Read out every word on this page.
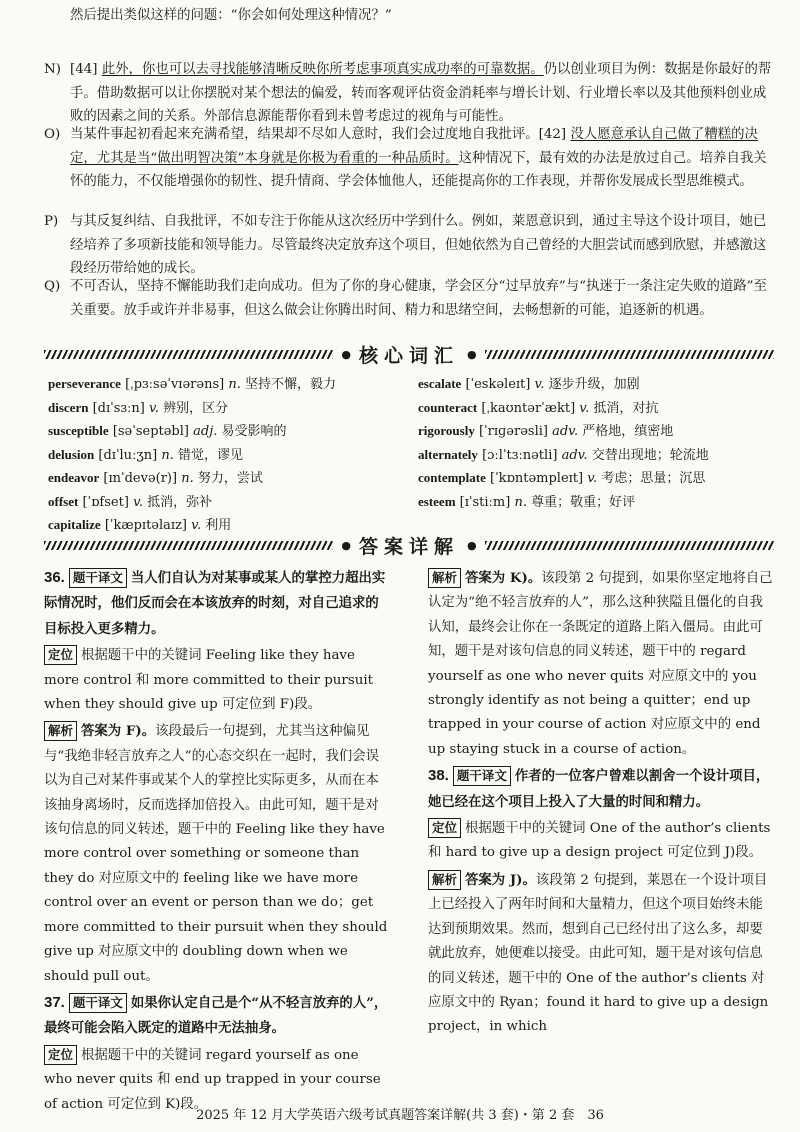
然后提出类似这样的问题：“你会如何处理这种情况？”
N) [44] 此外，你也可以去寻找能够清晰反映你所考虑事项真实成功率的可靠数据。仍以创业项目为例：数据是你最好的帮手。借助数据可以让你摆脱对某个想法的偏爱，转而客观评估资金消耗率与增长计划、行业增长率以及其他预料创业成败的因素之间的关系。外部信息源能帮你看到未曾考虑过的视角与可能性。
O) 当某件事起初看起来充满希望，结果却不尽如人意时，我们会过度地自我批评。[42] 没人愿意承认自己做了糟糕的决定，尤其是当“做出明智决策”本身就是你极为看重的一种品质时。这种情况下，最有效的办法是放过自己。培养自我关怀的能力，不仅能增强你的韧性、提升情商、学会体恤他人，还能提高你的工作表现，并帮你发展成长型思维模式。
P) 与其反复纠结、自我批评，不如专注于你能从这次经历中学到什么。例如，莱恩意识到，通过主导这个设计项目，她已经培养了多项新技能和领导能力。尽管最终决定放弃这个项目，但她依然为自己曾经的大胆尝试而感到欣慰，并感激这段经历带给她的成长。
Q) 不可否认，坚持不懈能助我们走向成功。但为了你的身心健康，学会区分“过早放弃”与“执迷于一条注定失败的道路”至关重要。放手或许并非易事，但这么做会让你腾出时间、精力和思绪空间，去畅想新的可能，追逐新的机遇。
● 核心词汇 ●
perseverance [ˌpɜːsəˈvɪərəns] n. 坚持不懈，毅力
discern [dɪˈsɜːn] v. 辨别，区分
susceptible [səˈseptəbl] adj. 易受影响的
delusion [dɪˈluːʒn] n. 错觉，谬见
endeavor [ɪnˈdevə(r)] n. 努力，尝试
offset [ˈɒfset] v. 抵消，弥补
capitalize [ˈkæpɪtəlaɪz] v. 利用
escalate [ˈeskəleɪt] v. 逐步升级，加剧
counteract [ˌkaʊntərˈækt] v. 抵消，对抗
rigorously [ˈrɪɡərəsli] adv. 严格地，缜密地
alternately [ɔːlˈtɜːnətli] adv. 交替出现地；轮流地
contemplate [ˈkɒntəmpleɪt] v. 考虑；思量；沉思
esteem [ɪˈstiːm] n. 尊重；敬重；好评
● 答案详解 ●
36. 题干译文 当人们自认为对某事或某人的掌控力超出实际情况时，他们反而会在本该放弃的时刻，对自己追求的目标投入更多精力。
定位 根据题干中的关键词 Feeling like they have more control 和 more committed to their pursuit when they should give up 可定位到 F)段。
解析 答案为 F)。该段最后一句提到，尤其当这种偏见与“我绝非轻言放弃之人”的心态交织在一起时，我们会误以为自己对某件事或某个人的掌控比实际更多，从而在本该抽身离场时，反而选择加倍投入。由此可知，题干是对该句信息的同义转述，题干中的 Feeling like they have more control over something or someone than they do 对应原文中的 feeling like we have more control over an event or person than we do；get more committed to their pursuit when they should give up 对应原文中的 doubling down when we should pull out。
37. 题干译文 如果你认定自己是个“从不轻言放弃的人”，最终可能会陷入既定的道路中无法抽身。
定位 根据题干中的关键词 regard yourself as one who never quits 和 end up trapped in your course of action 可定位到 K)段。
解析 答案为 K)。该段第 2 句提到，如果你坚定地将自己认定为“绝不轻言放弃的人”，那么这种狭隘且僵化的自我认知，最终会让你在一条既定的道路上陷入僵局。由此可知，题干是对该句信息的同义转述，题干中的 regard yourself as one who never quits 对应原文中的 you strongly identify as not being a quitter；end up trapped in your course of action 对应原文中的 end up staying stuck in a course of action。
38. 题干译文 作者的一位客户曾难以割舍一个设计项目，她已经在这个项目上投入了大量的时间和精力。
定位 根据题干中的关键词 One of the author’s clients 和 hard to give up a design project 可定位到 J)段。
解析 答案为 J)。该段第 2 句提到，莱恩在一个设计项目上已经投入了两年时间和大量精力，但这个项目始终未能达到预期效果。然而，想到自己已经付出了这么多，却要就此放弃，她便难以接受。由此可知，题干是对该句信息的同义转述，题干中的 One of the author’s clients 对应原文中的 Ryan；found it hard to give up a design project，in which
2025 年 12 月大学英语六级考试真题答案详解(共 3 套)・第 2 套　36
